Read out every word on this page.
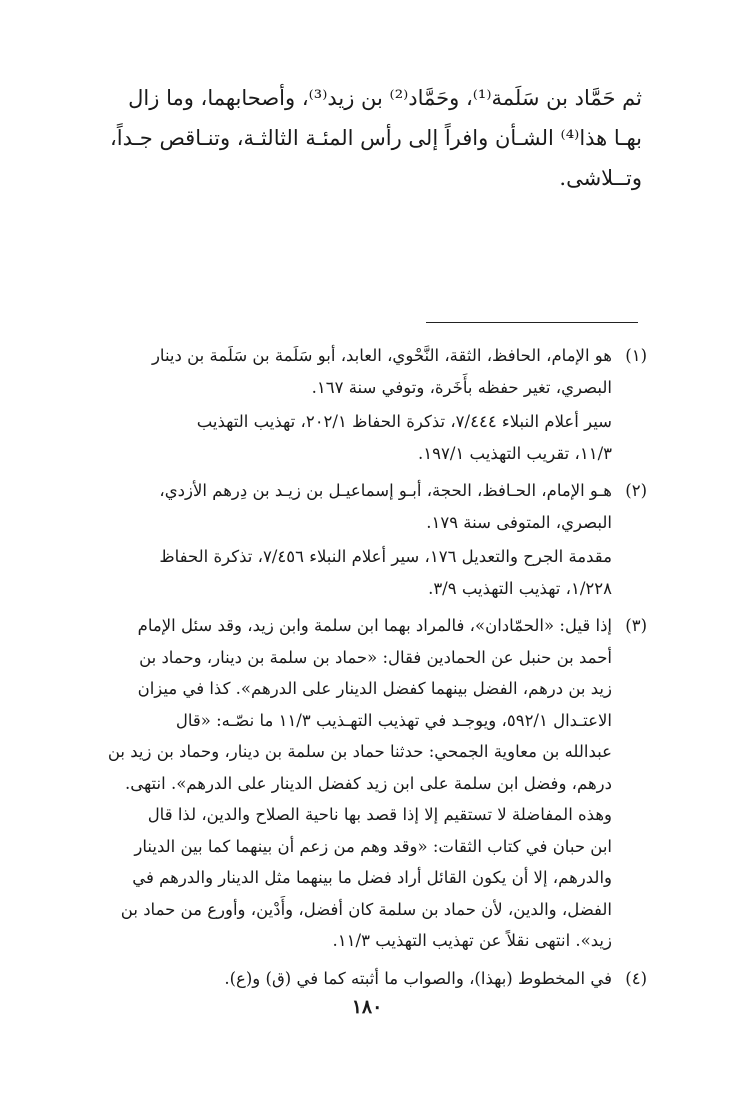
ثم حَمَّاد بن سَلَمة⁽¹⁾، وحَمَّاد⁽²⁾ بن زيد⁽³⁾، وأصحابهما، وما زال
بهـا هذا⁽⁴⁾ الشـأن وافراً إلى رأس المئـة الثالثـة، وتنـاقص جـداً،
وتــلاشى.
(١)
هو الإمام، الحافظ، الثقة، النَّحْوي، العابد، أبو سَلَمة بن سَلَمة بن دينار
البصري، تغير حفظه بأَخَرة، وتوفي سنة ١٦٧.
سير أعلام النبلاء ٧/٤٤٤، تذكرة الحفاظ ٢٠٢/١، تهذيب التهذيب
١١/٣، تقريب التهذيب ١٩٧/١.
(٢)
هـو الإمام، الحـافظ، الحجة، أبـو إسماعيـل بن زيـد بن دِرهم الأزدي،
البصري، المتوفى سنة ١٧٩.
مقدمة الجرح والتعديل ١٧٦، سير أعلام النبلاء ٧/٤٥٦، تذكرة الحفاظ
١/٢٢٨، تهذيب التهذيب ٣/٩.
(٣)
إذا قيل: «الحمّادان»، فالمراد بهما ابن سلمة وابن زيد، وقد سئل الإمام
أحمد بن حنبل عن الحمادين فقال: «حماد بن سلمة بن دينار، وحماد بن
زيد بن درهم، الفضل بينهما كفضل الدينار على الدرهم». كذا في ميزان
الاعتـدال ٥٩٢/١، ويوجـد في تهذيب التهـذيب ١١/٣ ما نصّـه: «قال
عبدالله بن معاوية الجمحي: حدثنا حماد بن سلمة بن دينار، وحماد بن زيد بن
درهم، وفضل ابن سلمة على ابن زيد كفضل الدينار على الدرهم». انتهى.
وهذه المفاضلة لا تستقيم إلا إذا قصد بها ناحية الصلاح والدين، لذا قال
ابن حبان في كتاب الثقات: «وقد وهم من زعم أن بينهما كما بين الدينار
والدرهم، إلا أن يكون القائل أراد فضل ما بينهما مثل الدينار والدرهم في
الفضل، والدين، لأن حماد بن سلمة كان أفضل، وأَدْين، وأورع من حماد بن
زيد». انتهى نقلاً عن تهذيب التهذيب ١١/٣.
(٤)
في المخطوط (بهذا)، والصواب ما أثبته كما في (ق) و(ع).
١٨٠
